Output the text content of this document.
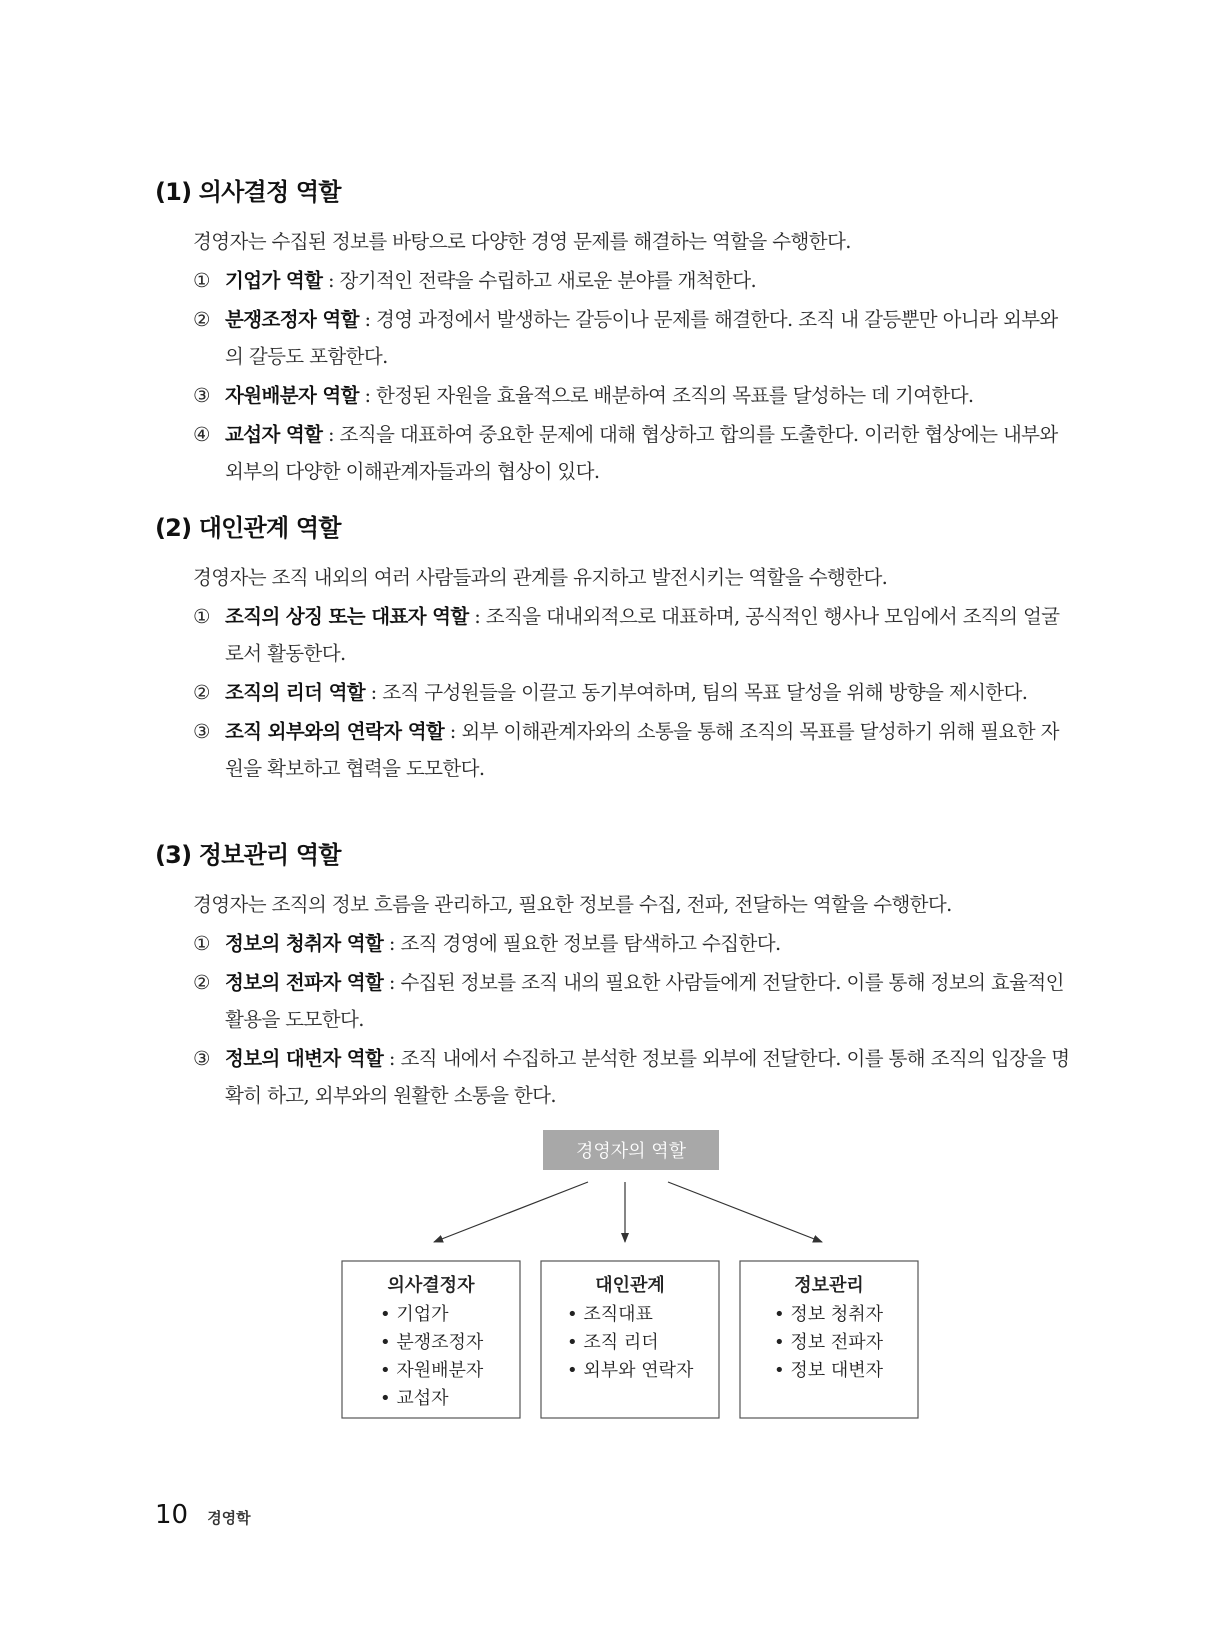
(1) 의사결정 역할
경영자는 수집된 정보를 바탕으로 다양한 경영 문제를 해결하는 역할을 수행한다.
① 기업가 역할 : 장기적인 전략을 수립하고 새로운 분야를 개척한다.
② 분쟁조정자 역할 : 경영 과정에서 발생하는 갈등이나 문제를 해결한다. 조직 내 갈등뿐만 아니라 외부와의 갈등도 포함한다.
③ 자원배분자 역할 : 한정된 자원을 효율적으로 배분하여 조직의 목표를 달성하는 데 기여한다.
④ 교섭자 역할 : 조직을 대표하여 중요한 문제에 대해 협상하고 합의를 도출한다. 이러한 협상에는 내부와 외부의 다양한 이해관계자들과의 협상이 있다.
(2) 대인관계 역할
경영자는 조직 내외의 여러 사람들과의 관계를 유지하고 발전시키는 역할을 수행한다.
① 조직의 상징 또는 대표자 역할 : 조직을 대내외적으로 대표하며, 공식적인 행사나 모임에서 조직의 얼굴로서 활동한다.
② 조직의 리더 역할 : 조직 구성원들을 이끌고 동기부여하며, 팀의 목표 달성을 위해 방향을 제시한다.
③ 조직 외부와의 연락자 역할 : 외부 이해관계자와의 소통을 통해 조직의 목표를 달성하기 위해 필요한 자원을 확보하고 협력을 도모한다.
(3) 정보관리 역할
경영자는 조직의 정보 흐름을 관리하고, 필요한 정보를 수집, 전파, 전달하는 역할을 수행한다.
① 정보의 청취자 역할 : 조직 경영에 필요한 정보를 탐색하고 수집한다.
② 정보의 전파자 역할 : 수집된 정보를 조직 내의 필요한 사람들에게 전달한다. 이를 통해 정보의 효율적인 활용을 도모한다.
③ 정보의 대변자 역할 : 조직 내에서 수집하고 분석한 정보를 외부에 전달한다. 이를 통해 조직의 입장을 명확히 하고, 외부와의 원활한 소통을 한다.
경영자의 역할
의사결정자
• 기업가
• 분쟁조정자
• 자원배분자
• 교섭자
대인관계
• 조직대표
• 조직 리더
• 외부와 연락자
정보관리
• 정보 청취자
• 정보 전파자
• 정보 대변자
10 경영학
